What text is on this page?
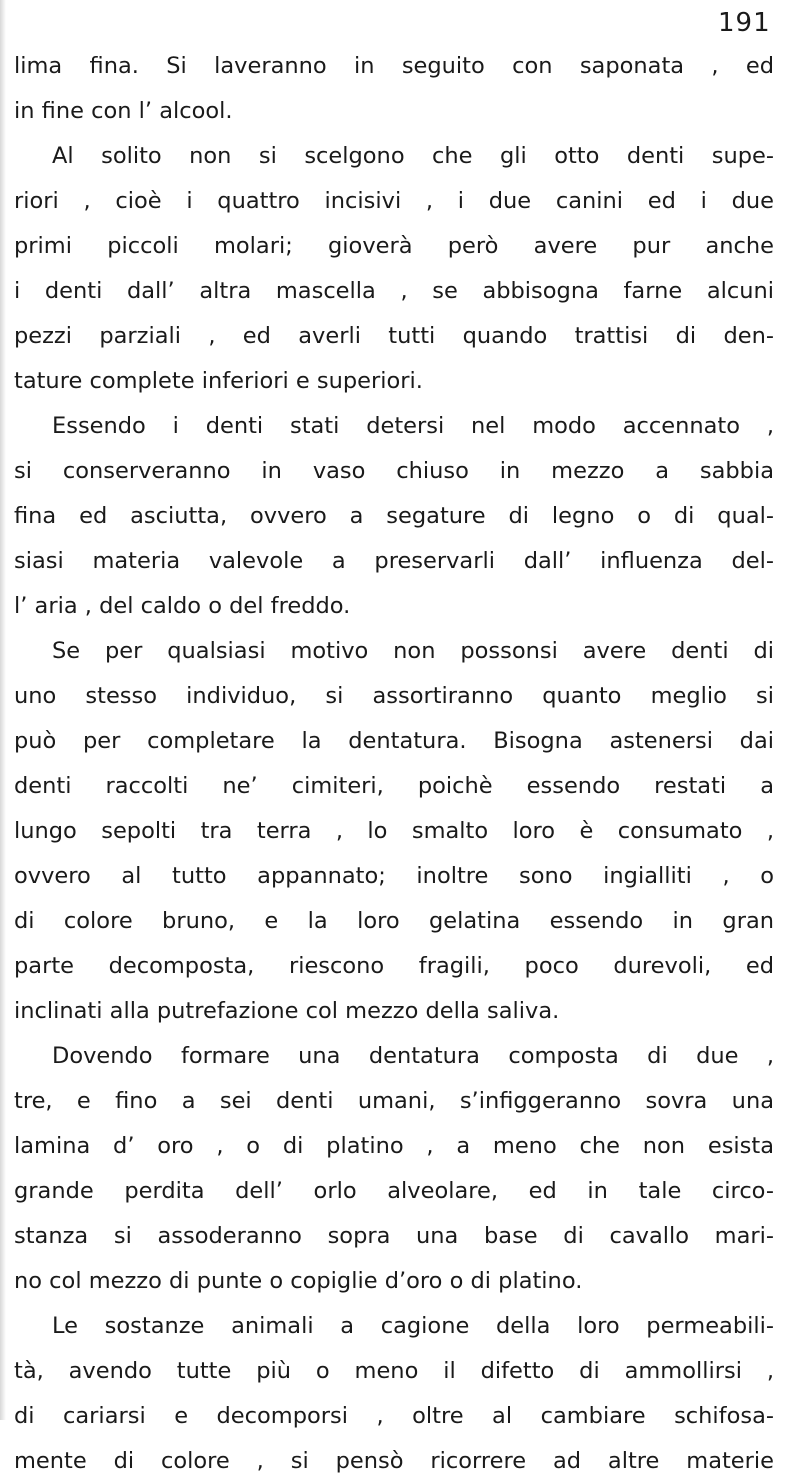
191
lima fina. Si laveranno in seguito con saponata , ed
in fine con l’ alcool.
Al solito non si scelgono che gli otto denti supe-
riori , cioè i quattro incisivi , i due canini ed i due
primi piccoli molari; gioverà però avere pur anche
i denti dall’ altra mascella , se abbisogna farne alcuni
pezzi parziali , ed averli tutti quando trattisi di den-
tature complete inferiori e superiori.
Essendo i denti stati detersi nel modo accennato ,
si conserveranno in vaso chiuso in mezzo a sabbia
fina ed asciutta, ovvero a segature di legno o di qual-
siasi materia valevole a preservarli dall’ influenza del-
l’ aria , del caldo o del freddo.
Se per qualsiasi motivo non possonsi avere denti di
uno stesso individuo, si assortiranno quanto meglio si
può per completare la dentatura. Bisogna astenersi dai
denti raccolti ne’ cimiteri, poichè essendo restati a
lungo sepolti tra terra , lo smalto loro è consumato ,
ovvero al tutto appannato; inoltre sono ingialliti , o
di colore bruno, e la loro gelatina essendo in gran
parte decomposta, riescono fragili, poco durevoli, ed
inclinati alla putrefazione col mezzo della saliva.
Dovendo formare una dentatura composta di due ,
tre, e fino a sei denti umani, s’infiggeranno sovra una
lamina d’ oro , o di platino , a meno che non esista
grande perdita dell’ orlo alveolare, ed in tale circo-
stanza si assoderanno sopra una base di cavallo mari-
no col mezzo di punte o copiglie d’oro o di platino.
Le sostanze animali a cagione della loro permeabili-
tà, avendo tutte più o meno il difetto di ammollirsi ,
di cariarsi e decomporsi , oltre al cambiare schifosa-
mente di colore , si pensò ricorrere ad altre materie
